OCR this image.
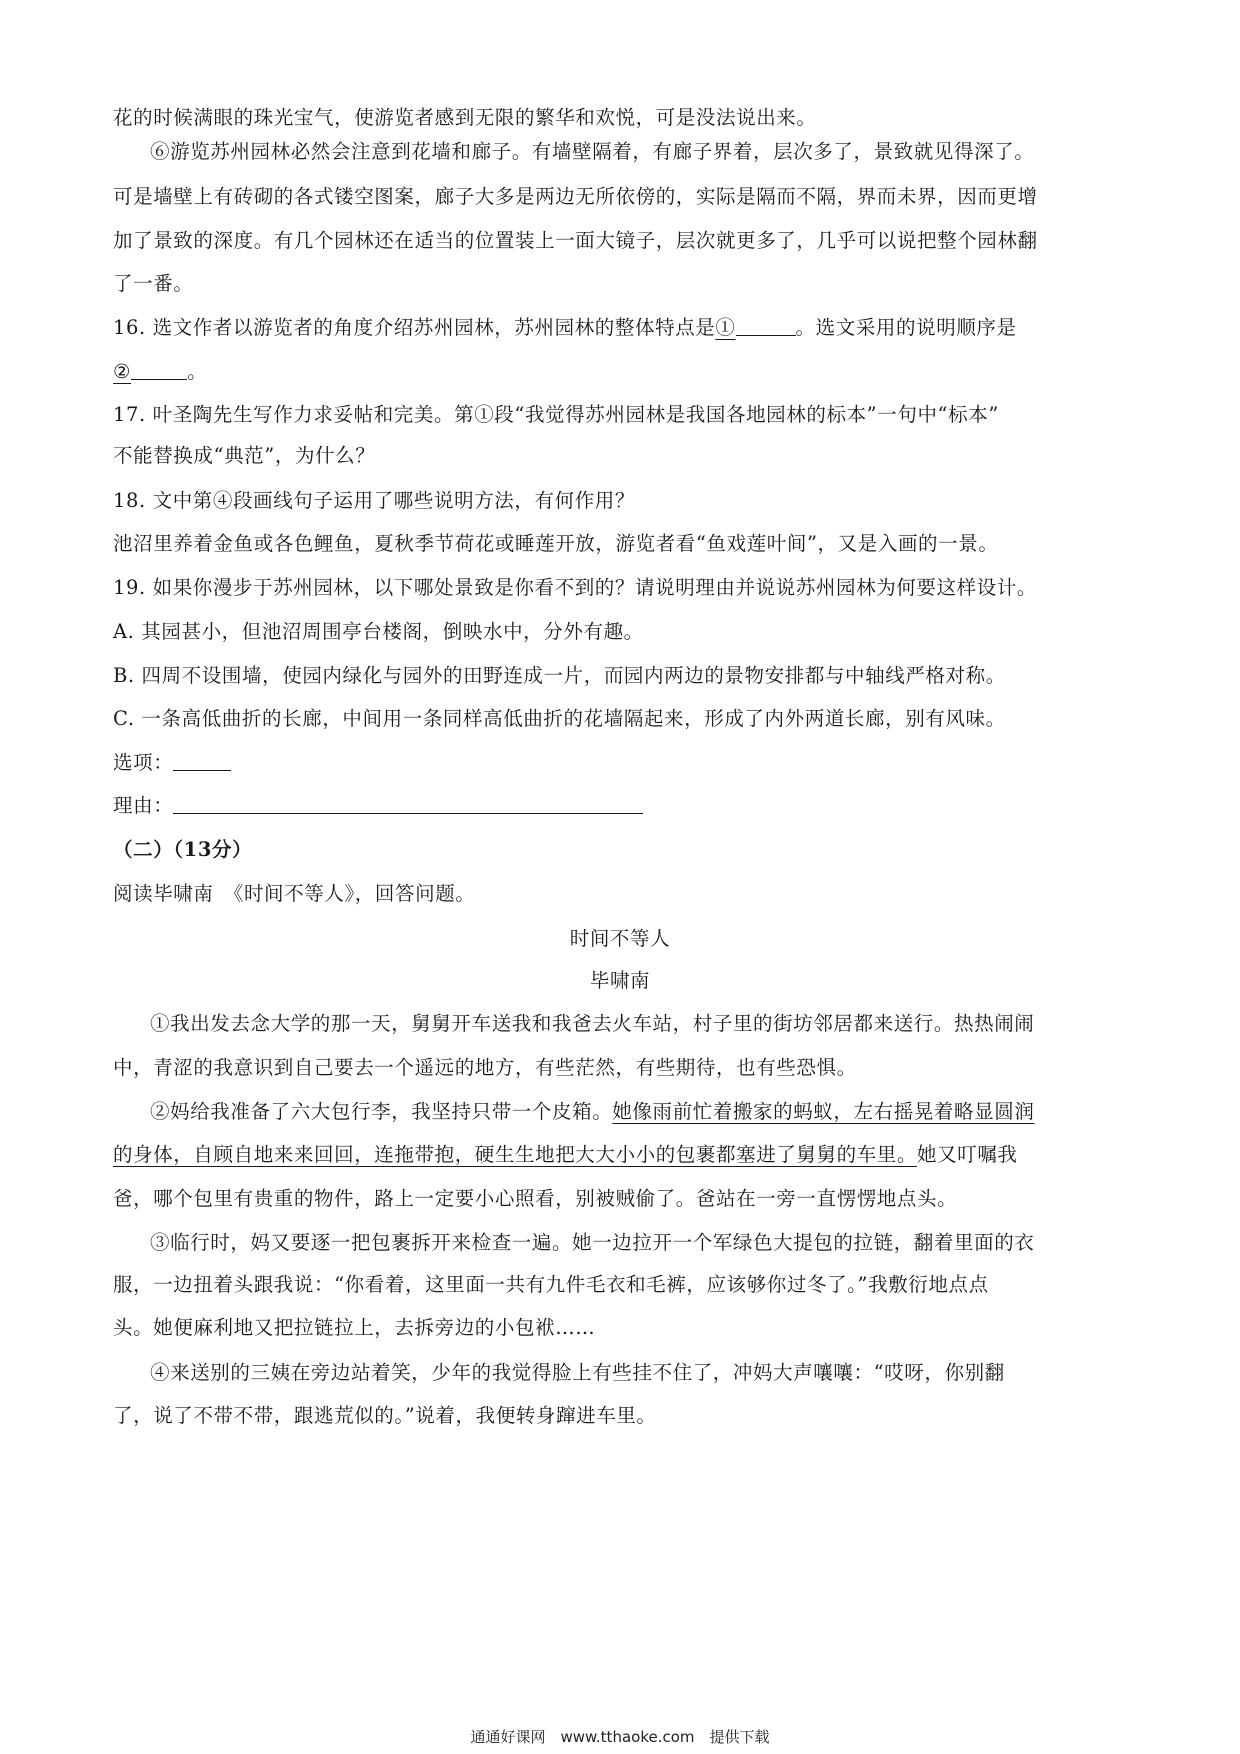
花的时候满眼的珠光宝气，使游览者感到无限的繁华和欢悦，可是没法说出来。
⑥游览苏州园林必然会注意到花墙和廊子。有墙壁隔着，有廊子界着，层次多了，景致就见得深了。
可是墙壁上有砖砌的各式镂空图案，廊子大多是两边无所依傍的，实际是隔而不隔，界而未界，因而更增
加了景致的深度。有几个园林还在适当的位置装上一面大镜子，层次就更多了，几乎可以说把整个园林翻
了一番。
16. 选文作者以游览者的角度介绍苏州园林，苏州园林的整体特点是①	。选文采用的说明顺序是
②	。
17. 叶圣陶先生写作力求妥帖和完美。第①段“我觉得苏州园林是我国各地园林的标本”一句中“标本”
不能替换成“典范”，为什么？
18. 文中第④段画线句子运用了哪些说明方法，有何作用？
池沼里养着金鱼或各色鲤鱼，夏秋季节荷花或睡莲开放，游览者看“鱼戏莲叶间”，又是入画的一景。
19. 如果你漫步于苏州园林，以下哪处景致是你看不到的？请说明理由并说说苏州园林为何要这样设计。
A. 其园甚小，但池沼周围亭台楼阁，倒映水中，分外有趣。
B. 四周不设围墙，使园内绿化与园外的田野连成一片，而园内两边的景物安排都与中轴线严格对称。
C. 一条高低曲折的长廊，中间用一条同样高低曲折的花墙隔起来，形成了内外两道长廊，别有风味。
选项：
理由：
（二）（13分）
阅读毕啸南　《时间不等人》，回答问题。
时间不等人
毕啸南
①我出发去念大学的那一天，舅舅开车送我和我爸去火车站，村子里的街坊邻居都来送行。热热闹闹
中，青涩的我意识到自己要去一个遥远的地方，有些茫然，有些期待，也有些恐惧。
②妈给我准备了六大包行李，我坚持只带一个皮箱。她像雨前忙着搬家的蚂蚁，左右摇晃着略显圆润
的身体，自顾自地来来回回，连拖带抱，硬生生地把大大小小的包裹都塞进了舅舅的车里。她又叮嘱我
爸，哪个包里有贵重的物件，路上一定要小心照看，别被贼偷了。爸站在一旁一直愣愣地点头。
③临行时，妈又要逐一把包裹拆开来检查一遍。她一边拉开一个军绿色大提包的拉链，翻着里面的衣
服，一边扭着头跟我说：“你看着，这里面一共有九件毛衣和毛裤，应该够你过冬了。”我敷衍地点点
头。她便麻利地又把拉链拉上，去拆旁边的小包袱……
④来送别的三姨在旁边站着笑，少年的我觉得脸上有些挂不住了，冲妈大声嚷嚷：“哎呀，你别翻
了，说了不带不带，跟逃荒似的。”说着，我便转身蹿进车里。
通通好课网　www.tthaoke.com　提供下载
